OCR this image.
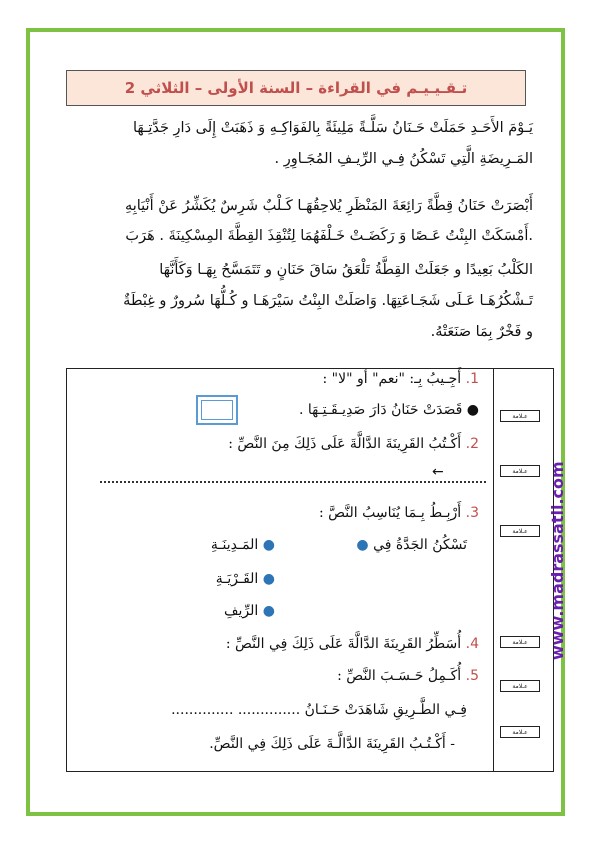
تـقـيـيـم في القراءة – السنة الأولى – الثلاثي 2
يَـوْمَ الأَحَـدِ حَمَلَتْ حَـنَانُ سَلَّـةً مَلِيئَةً بِالفَوَاكِـهِ وَ ذَهَبَتْ إِلَى دَارِ جَدَّتِـهَا
المَـرِيضَةِ الَّتِي تَسْكُنُ فِـي الرِّيـفِ المُجَـاوِرِ .
أَبْصَرَتْ حَنَانُ قِطَّةً رَائِعَةَ المَنْظَرِ يُلاحِقُهَـا كَـلْبٌ شَرِسٌ يُكَشِّرُ عَنْ أَنْيَابِهِ
.أَمْسَكَتْ البِنْتُ عَـصًا وَ رَكَضَـتْ خَـلْفَهُمَا لِتُنْقِذَ القِطَّةَ المِسْكِينَةَ . هَرَبَ
الكَلْبُ بَعِيدًا و جَعَلَتْ القِطَّةُ تَلْعَقُ سَاقَ حَنَانٍ و تَتَمَسَّحُ بِهَـا وَكَأَنَّهَا
تَـشْكُرُهَـا عَـلَى شَجَـاعَتِهَا. وَاصَلَتْ البِنْتُ سَيْرَهَـا و كُـلُّهَا سُرورٌ و غِبْطَةٌ
و فَخْرٌ بِمَا صَنَعَتْهُ.
عـلامة
عـلامة
عـلامة
عـلامة
عـلامة
عـلامة
1. أَجِـيبُ بِـ: "نعم" أو "لا" :
● قَصَدَتْ حَنَانُ دَارَ صَدِيـقَـتِـهَا .
2. أَكْـتُبُ القَرِينَةَ الدَّالَّةَ عَلَى ذَلِكَ مِنَ النَّصِّ :
←
3. أَرْبِـطُ بِـمَا يُنَاسِبُ النَّصَّ :
تَسْكُنُ الجَدَّةُ فِي ●
● المَـدِينَـةِ
● القَـرْيَـةِ
● الرِّيفِ
4. أُسَطِّرُ القَرِينَةَ الدَّالَّةَ عَلَى ذَلِكَ فِي النَّصِّ :
5. أُكَـمِلُ حَـسَـبَ النَّصِّ :
فِـي الطَّـرِيقِ شَاهَدَتْ حَـنَـانُ .............. ..............
- أَكْـتُـبُ القَرِينَةَ الدَّالَّـةَ عَلَى ذَلِكَ فِي النَّصِّ.
www.madrassatii.com
